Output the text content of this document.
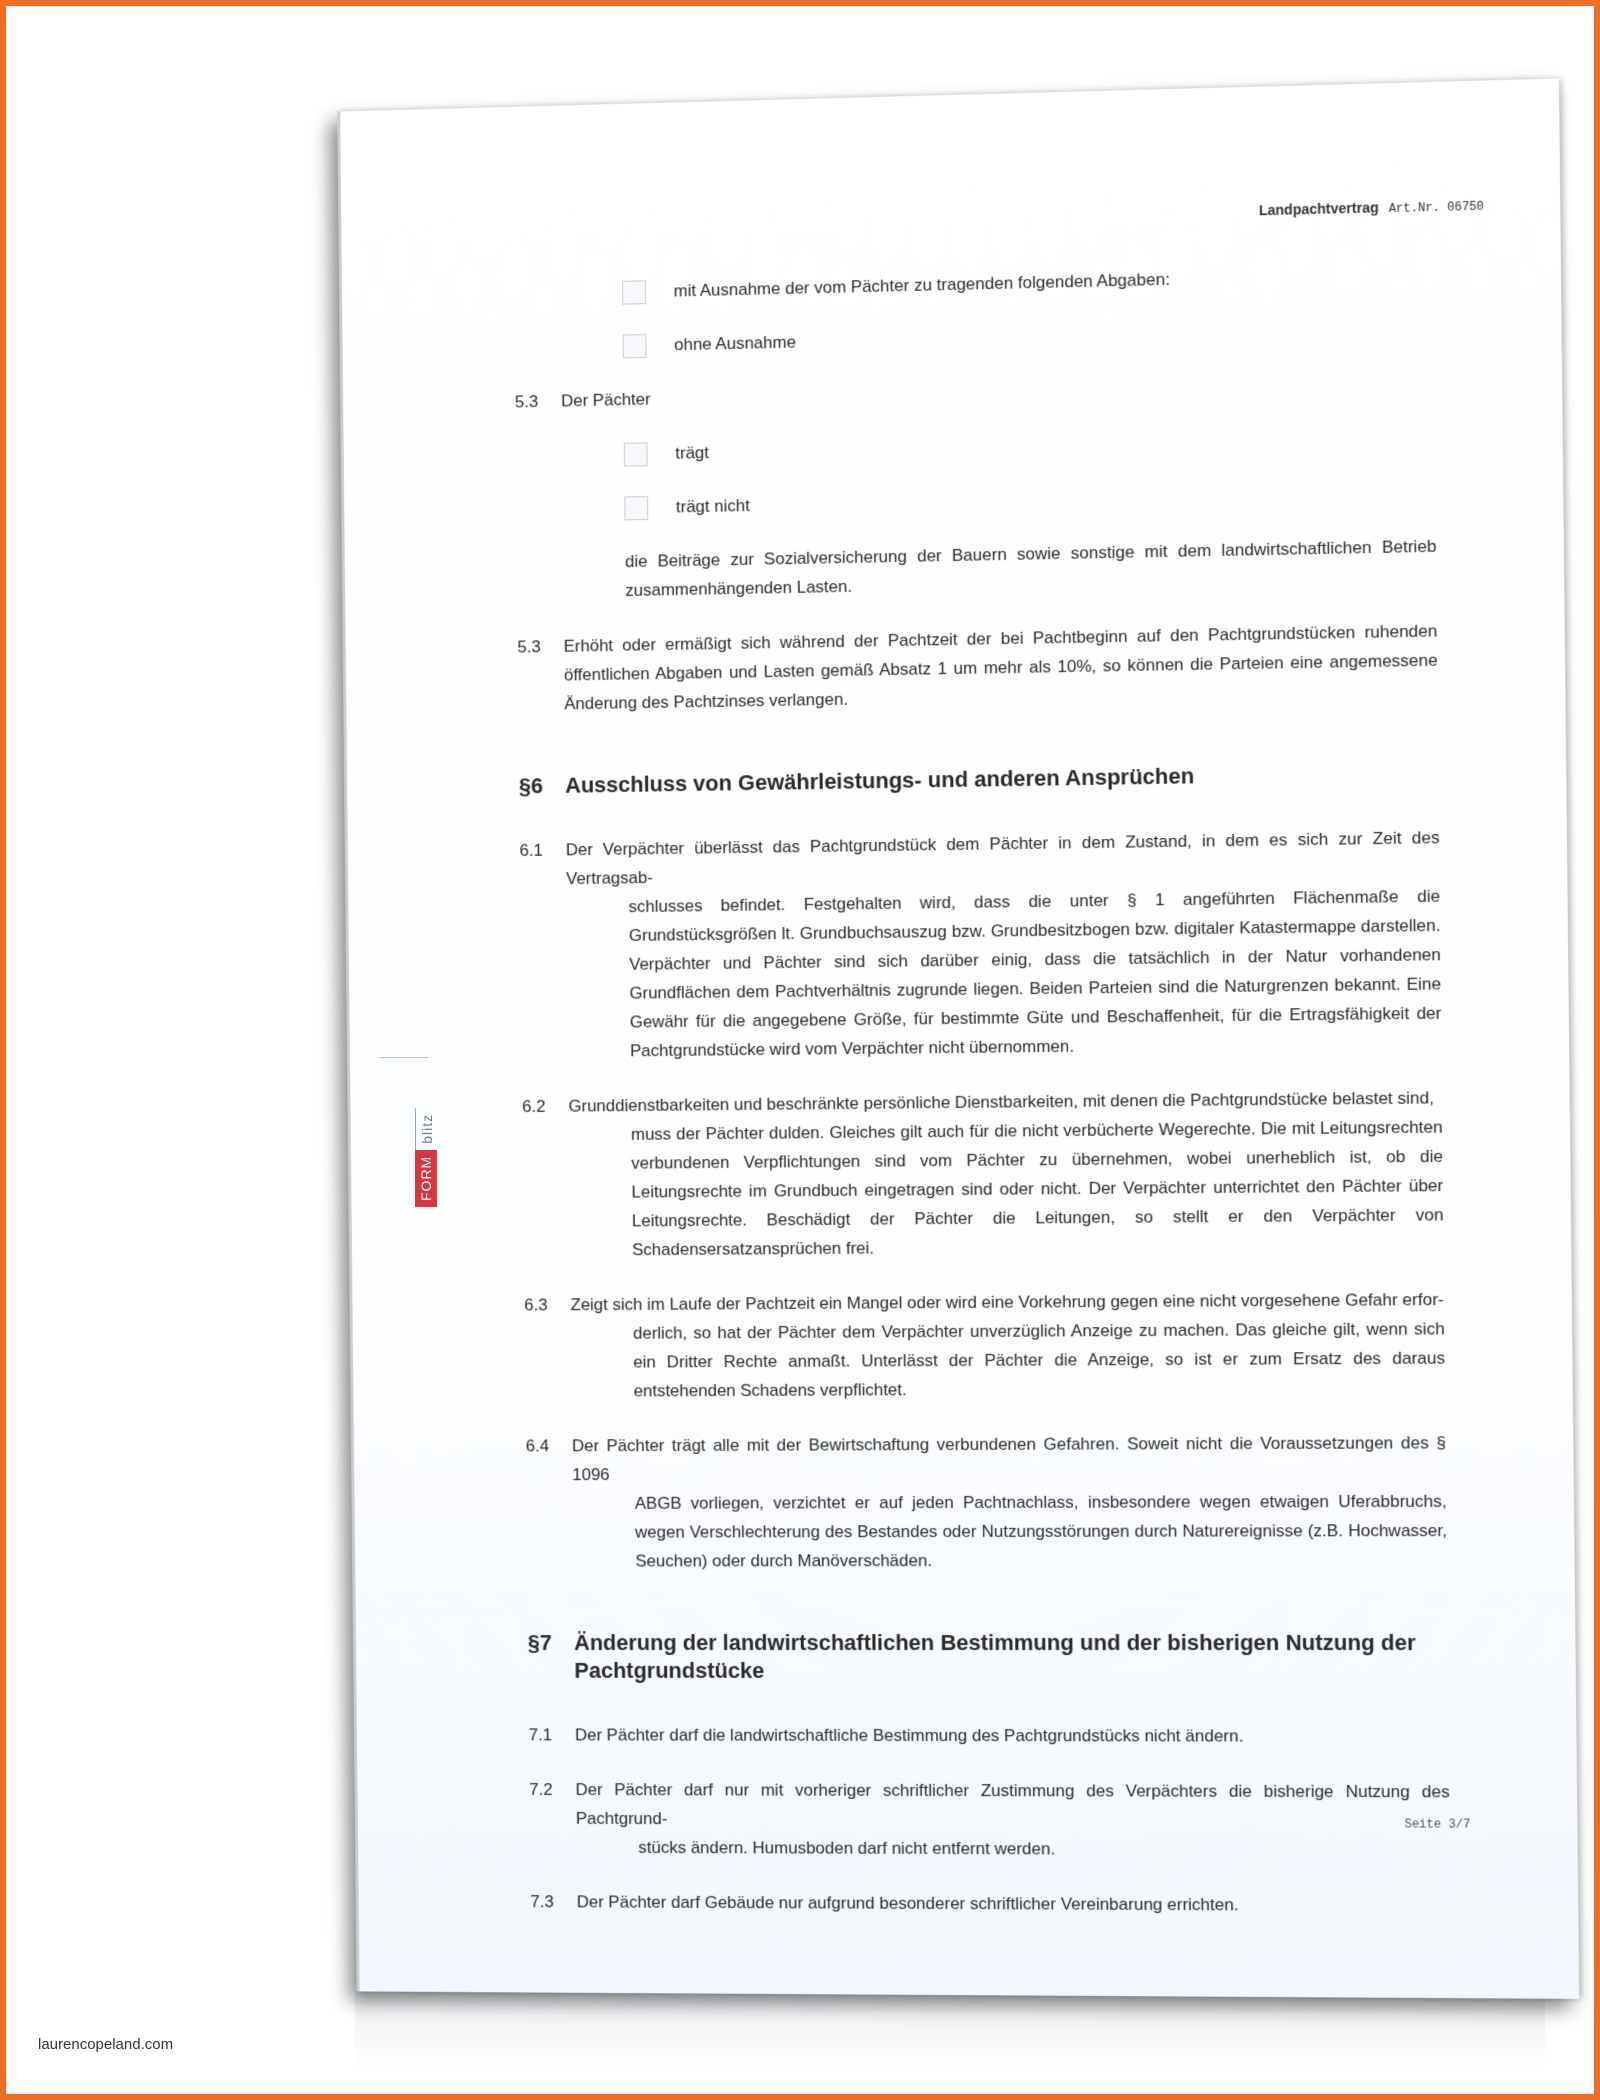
Landpachtvertrag Art.Nr. 06750
mit Ausnahme der vom Pächter zu tragenden folgenden Abgaben:
ohne Ausnahme
5.3	Der Pächter
trägt
trägt nicht
die Beiträge zur Sozialversicherung der Bauern sowie sonstige mit dem landwirtschaftlichen Betrieb zusammenhängenden Lasten.
5.3	Erhöht oder ermäßigt sich während der Pachtzeit der bei Pachtbeginn auf den Pachtgrundstücken ruhenden öffentlichen Abgaben und Lasten gemäß Absatz 1 um mehr als 10%, so können die Parteien eine angemessene Änderung des Pachtzinses verlangen.
§6 Ausschluss von Gewährleistungs- und anderen Ansprüchen
6.1	Der Verpächter überlässt das Pachtgrundstück dem Pächter in dem Zustand, in dem es sich zur Zeit des Vertragsab-
schlusses befindet. Festgehalten wird, dass die unter § 1 angeführten Flächenmaße die Grundstücksgrößen lt. Grundbuchsauszug bzw. Grundbesitzbogen bzw. digitaler Katastermappe darstellen. Verpächter und Pächter sind sich darüber einig, dass die tatsächlich in der Natur vorhandenen Grundflächen dem Pachtverhältnis zugrunde liegen. Beiden Parteien sind die Naturgrenzen bekannt. Eine Gewähr für die angegebene Größe, für bestimmte Güte und Beschaffenheit, für die Ertragsfähigkeit der Pachtgrundstücke wird vom Verpächter nicht übernommen.
6.2	Grunddienstbarkeiten und beschränkte persönliche Dienstbarkeiten, mit denen die Pachtgrundstücke belastet sind,
muss der Pächter dulden. Gleiches gilt auch für die nicht verbücherte Wegerechte. Die mit Leitungsrechten verbundenen Verpflichtungen sind vom Pächter zu übernehmen, wobei unerheblich ist, ob die Leitungsrechte im Grundbuch eingetragen sind oder nicht. Der Verpächter unterrichtet den Pächter über Leitungsrechte. Beschädigt der Pächter die Leitungen, so stellt er den Verpächter von Schadensersatzansprüchen frei.
6.3	Zeigt sich im Laufe der Pachtzeit ein Mangel oder wird eine Vorkehrung gegen eine nicht vorgesehene Gefahr erfor-
derlich, so hat der Pächter dem Verpächter unverzüglich Anzeige zu machen. Das gleiche gilt, wenn sich ein Dritter Rechte anmaßt. Unterlässt der Pächter die Anzeige, so ist er zum Ersatz des daraus entstehenden Schadens verpflichtet.
6.4	Der Pächter trägt alle mit der Bewirtschaftung verbundenen Gefahren. Soweit nicht die Voraussetzungen des § 1096
ABGB vorliegen, verzichtet er auf jeden Pachtnachlass, insbesondere wegen etwaigen Uferabbruchs, wegen Verschlechterung des Bestandes oder Nutzungsstörungen durch Naturereignisse (z.B. Hochwasser, Seuchen) oder durch Manöverschäden.
§7 Änderung der landwirtschaftlichen Bestimmung und der bisherigen Nutzung der Pachtgrundstücke
7.1	Der Pächter darf die landwirtschaftliche Bestimmung des Pachtgrundstücks nicht ändern.
7.2	Der Pächter darf nur mit vorheriger schriftlicher Zustimmung des Verpächters die bisherige Nutzung des Pachtgrund-
stücks ändern. Humusboden darf nicht entfernt werden.
7.3	Der Pächter darf Gebäude nur aufgrund besonderer schriftlicher Vereinbarung errichten.
Seite 3/7
FORM
blitz
laurencopeland.com
